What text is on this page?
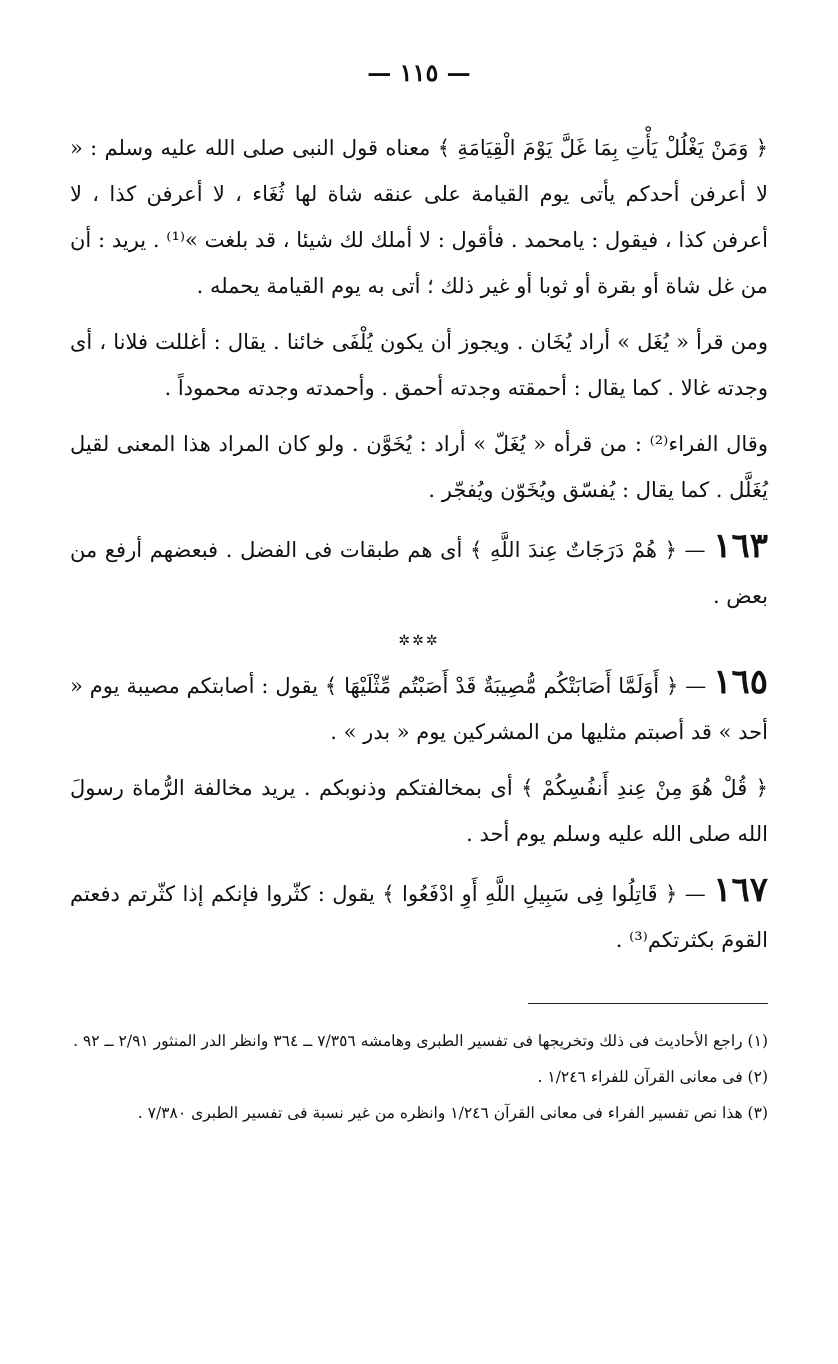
— ١١٥ —

﴿ وَمَنْ يَغْلُلْ يَأْتِ بِمَا غَلَّ يَوْمَ الْقِيَامَةِ ﴾ معناه قول النبى صلى الله عليه وسلم : « لا أعرفن أحدكم يأتى يوم القيامة على عنقه شاة لها ثُغَاء ، لا أعرفن كذا ، لا أعرفن كذا ، فيقول : يامحمد . فأقول : لا أملك لك شيئا ، قد بلغت »⁽¹⁾ . يريد : أن من غل شاة أو بقرة أو ثوبا أو غير ذلك ؛ أتى به يوم القيامة يحمله .

ومن قرأ « يُغَل » أراد يُخَان . ويجوز أن يكون يُلْفَى خائنا . يقال : أغللت فلانا ، أى وجدته غالا . كما يقال : أحمقته وجدته أحمق . وأحمدته وجدته محموداً .

وقال الفراء⁽²⁾ : من قرأه « يُغَلّ » أراد : يُخَوَّن . ولو كان المراد هذا المعنى لقيل يُغَلَّل . كما يقال : يُفسّق ويُخَوّن ويُفجّر .

١٦٣ — ﴿ هُمْ دَرَجَاتٌ عِندَ اللَّهِ ﴾ أى هم طبقات فى الفضل . فبعضهم أرفع من بعض .

✲✲✲

١٦٥ — ﴿ أَوَلَمَّا أَصَابَتْكُم مُّصِيبَةٌ قَدْ أَصَبْتُم مِّثْلَيْهَا ﴾ يقول : أصابتكم مصيبة يوم « أحد » قد أصبتم مثليها من المشركين يوم « بدر » .

﴿ قُلْ هُوَ مِنْ عِندِ أَنفُسِكُمْ ﴾ أى بمخالفتكم وذنوبكم . يريد مخالفة الرُّماة رسولَ الله صلى الله عليه وسلم يوم أحد .

١٦٧ — ﴿ قَاتِلُوا فِى سَبِيلِ اللَّهِ أَوِ ادْفَعُوا ﴾ يقول : كثّروا فإنكم إذا كثّرتم دفعتم القومَ بكثرتكم⁽³⁾ .

(١) راجع الأحاديث فى ذلك وتخريجها فى تفسير الطبرى وهامشه ٧/٣٥٦ ــ ٣٦٤ وانظر الدر المنثور ٢/٩١ ــ ٩٢ .

(٢) فى معانى القرآن للفراء ١/٢٤٦ .

(٣) هذا نص تفسير الفراء فى معانى القرآن ١/٢٤٦ وانظره من غير نسبة فى تفسير الطبرى ٧/٣٨٠ .
